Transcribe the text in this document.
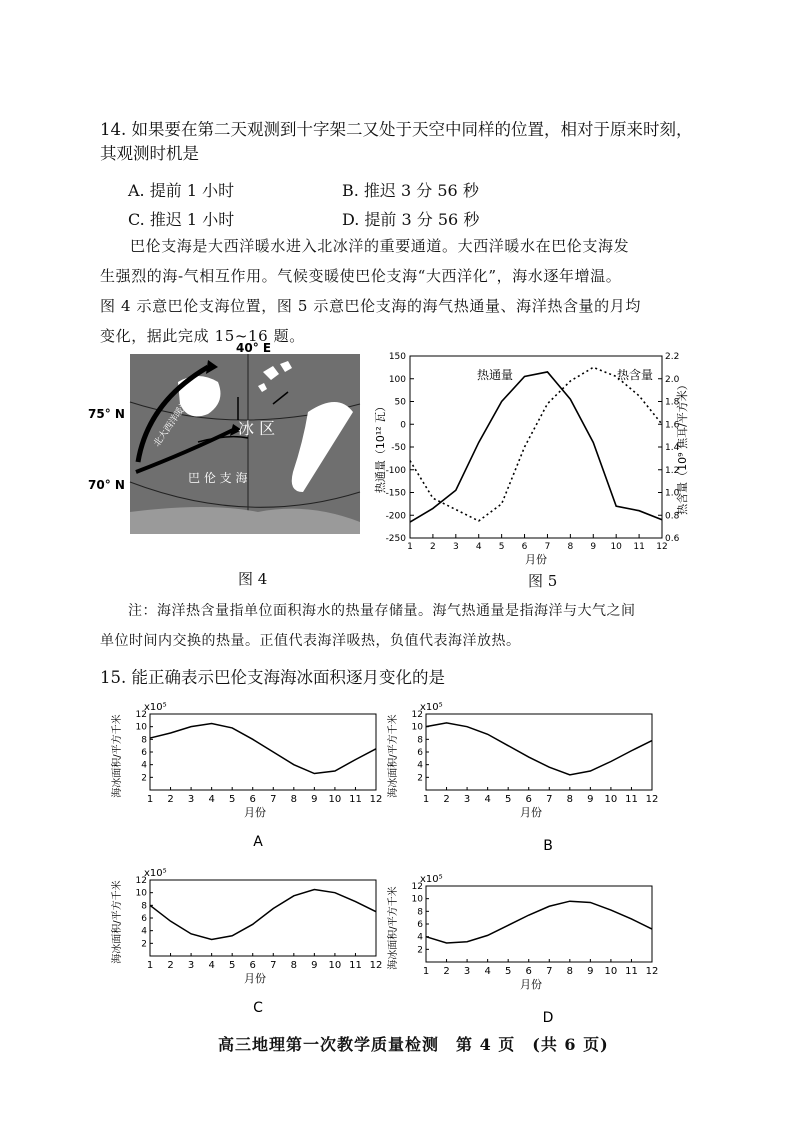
14. 如果要在第二天观测到十字架二又处于天空中同样的位置，相对于原来时刻，
其观测时机是
A. 提前 1 小时	B. 推迟 3 分 56 秒
C. 推迟 1 小时	D. 提前 3 分 56 秒
巴伦支海是大西洋暖水进入北冰洋的重要通道。大西洋暖水在巴伦支海发
生强烈的海-气相互作用。气候变暖使巴伦支海“大西洋化”，海水逐年增温。
图 4 示意巴伦支海位置，图 5 示意巴伦支海的海气热通量、海洋热含量的月均
变化，据此完成 15~16 题。
冰 区
巴 伦 支 海
北大西洋暖流
40° E
75° N
70° N
图 4
150
100
50
0
-50
-100
-150
-200
-250
2.2
2.0
1.8
1.6
1.4
1.2
1.0
0.8
0.6
1 2 3 4 5 6 7 8 9 10 11 12
月份
热通量（10¹² 瓦）	热含量（10⁹ 焦耳/平方米）
热通量	热含量
图 5
注：海洋热含量指单位面积海水的热量存储量。海气热通量是指海洋与大气之间
单位时间内交换的热量。正值代表海洋吸热，负值代表海洋放热。
15. 能正确表示巴伦支海海冰面积逐月变化的是
x10⁵
12
10
8
6
4
2
1 2 3 4 5 6 7 8 9 10 11 12
月份
海冰面积/平方千米
A
x10⁵
12
10
8
6
4
2
1 2 3 4 5 6 7 8 9 10 11 12
月份
海冰面积/平方千米
B
x10⁵
12
10
8
6
4
2
1 2 3 4 5 6 7 8 9 10 11 12
月份
海冰面积/平方千米
C
x10⁵
12
10
8
6
4
2
1 2 3 4 5 6 7 8 9 10 11 12
月份
海冰面积/平方千米
D
高三地理第一次教学质量检测　第 4 页　(共 6 页)
